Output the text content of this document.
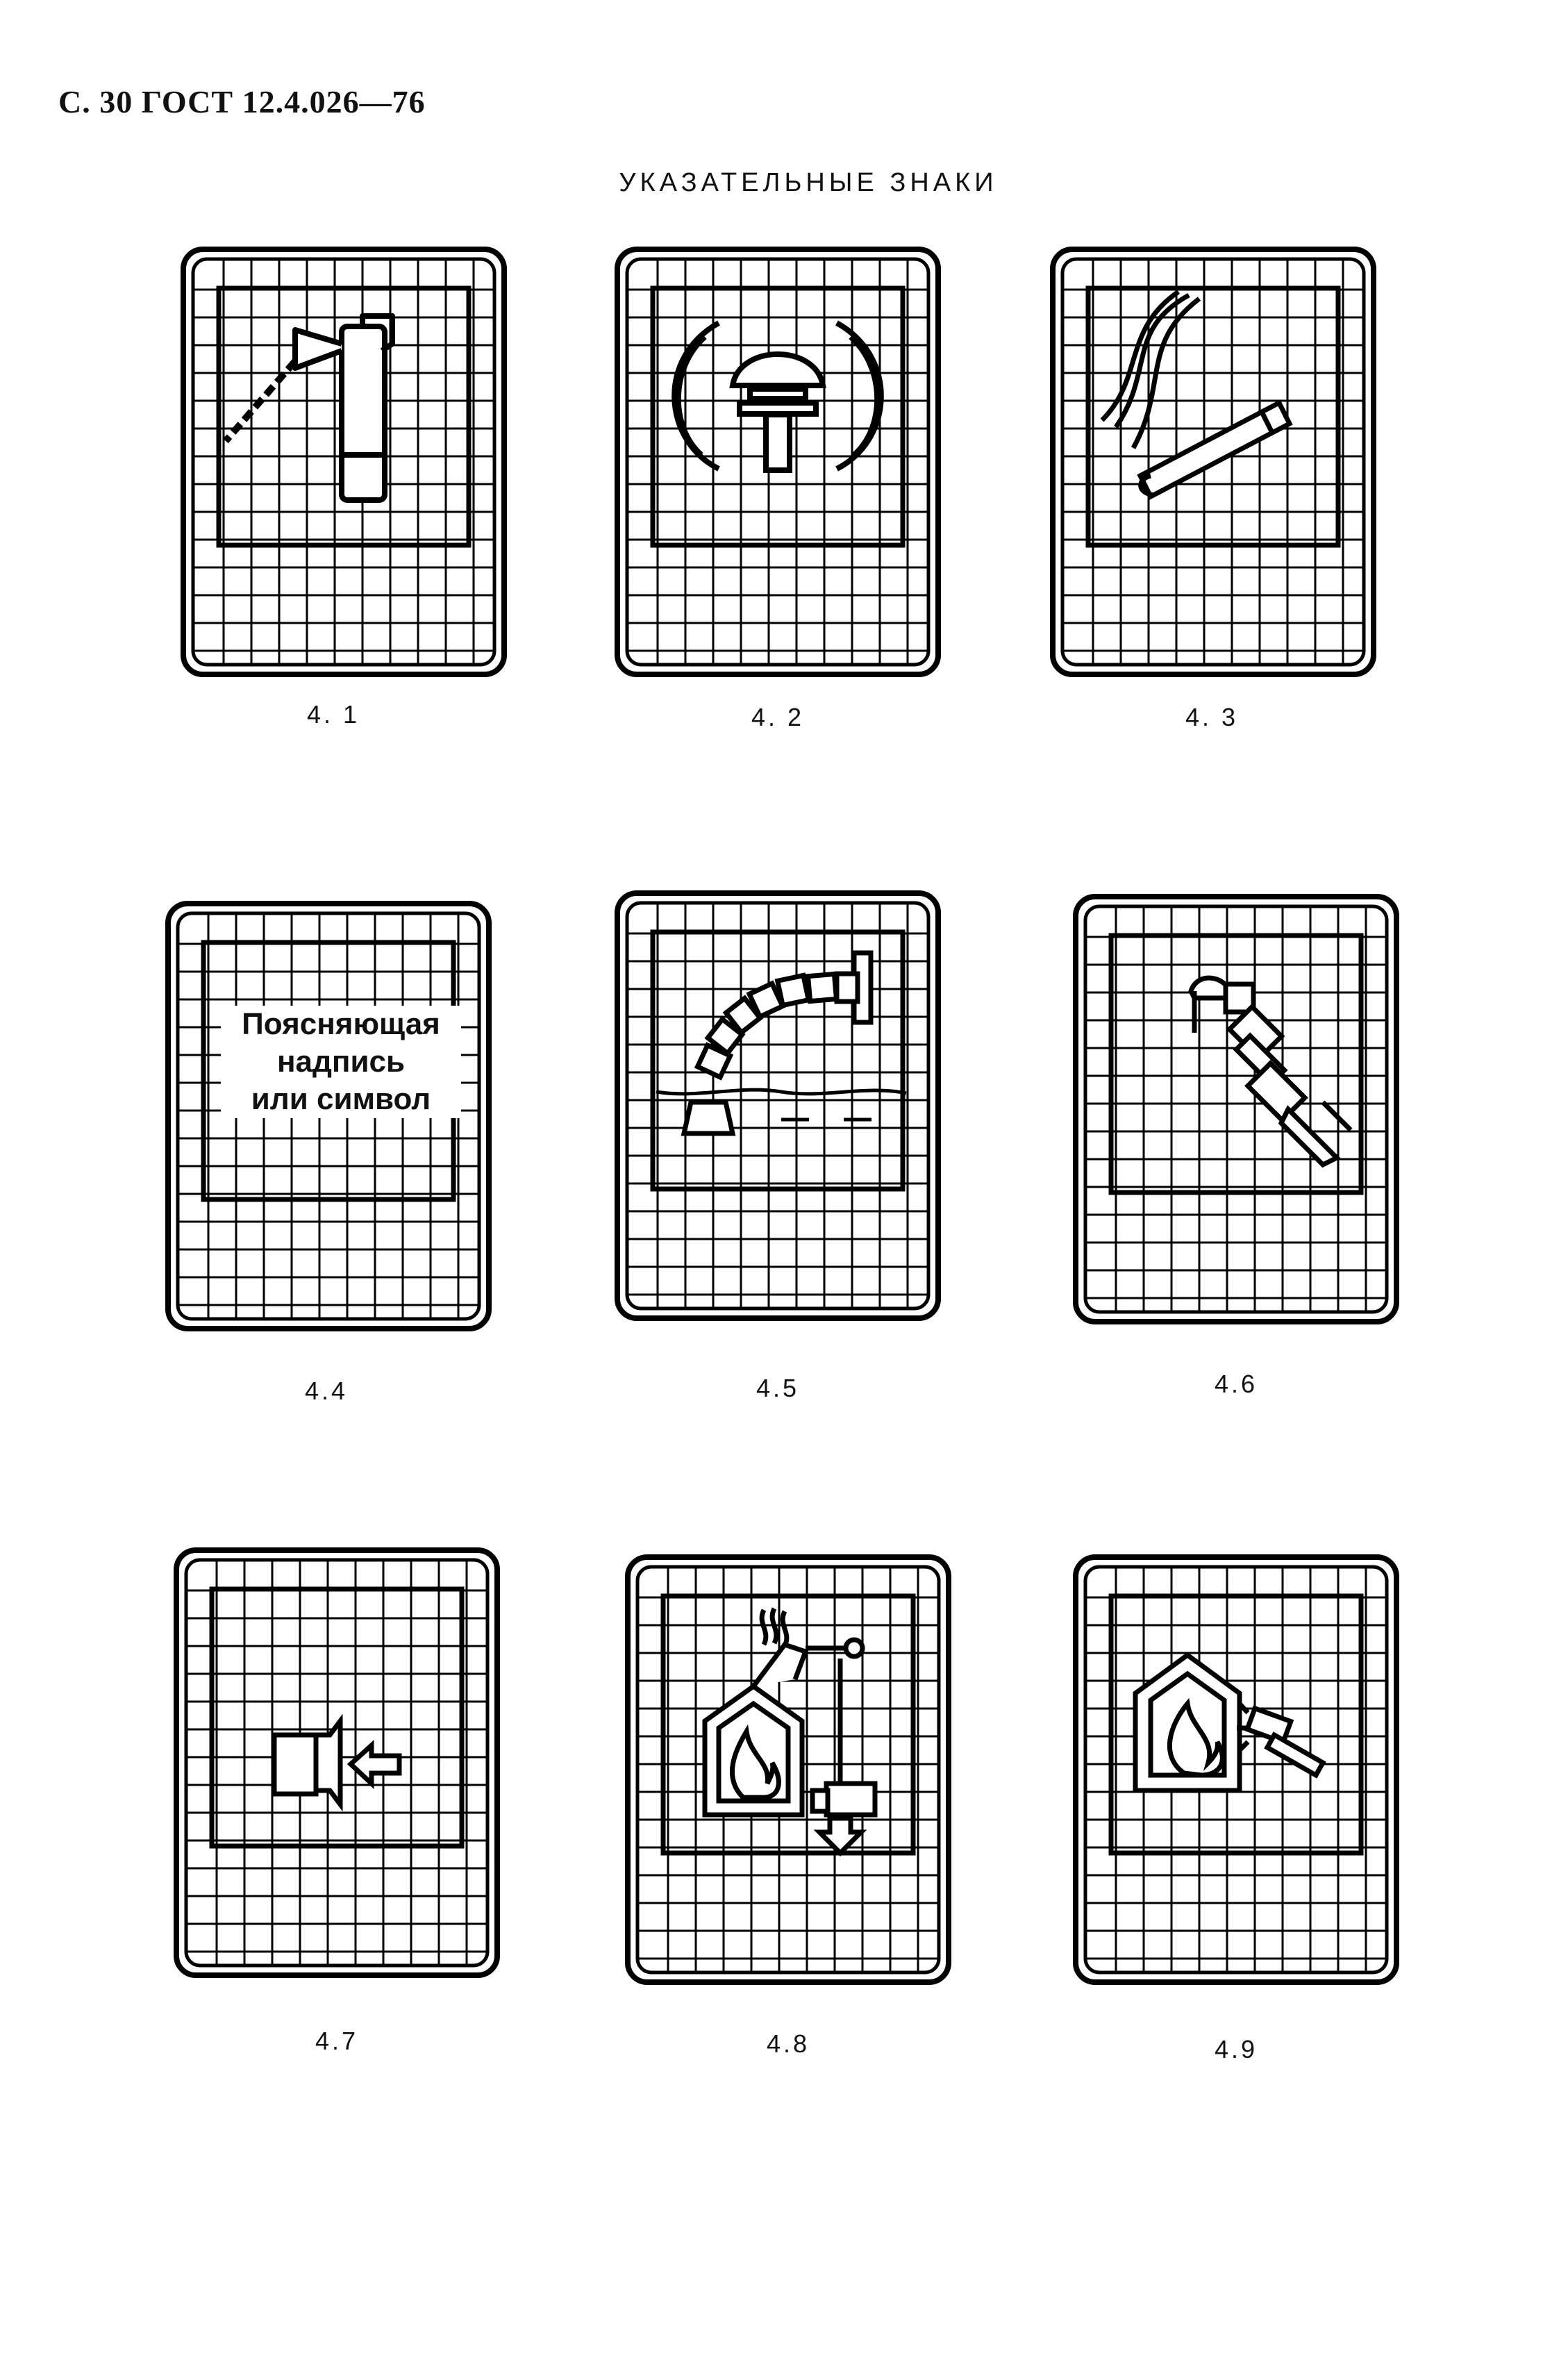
С. 30 ГОСТ 12.4.026—76
УКАЗАТЕЛЬНЫЕ ЗНАКИ
4. 1	4. 2	4. 3
Поясняющая
надпись
или символ
4.4	4.5	4.6
4.7	4.8	4.9
